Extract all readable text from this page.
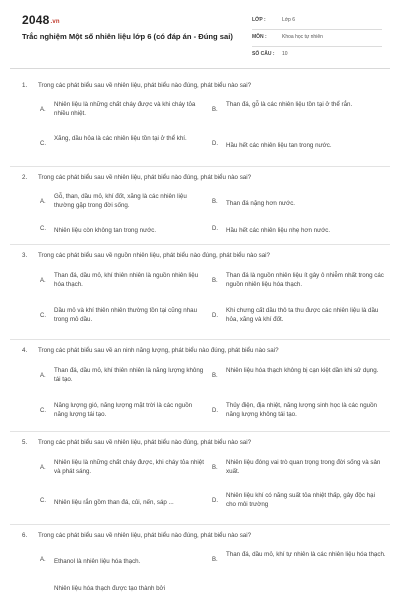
2048.vn
Trắc nghiệm Một số nhiên liệu lớp 6 (có đáp án - Đúng sai)
LỚP :	Lớp 6
MÔN :	Khoa học tự nhiên
SỐ CÂU : 10
1. Trong các phát biểu sau về nhiên liệu, phát biểu nào đúng, phát biểu nào sai?
A.
Nhiên liệu là những chất cháy được và khi cháy tỏa nhiều nhiệt.	B.
Than đá, gỗ là các nhiên liệu tồn tại ở thể rắn.
C.
Xăng, dầu hỏa là các nhiên liệu tồn tại ở thể khí.
D. Hầu hết các nhiên liệu tan trong nước.
2. Trong các phát biểu sau về nhiên liệu, phát biểu nào đúng, phát biểu nào sai?
A.
Gỗ, than, dầu mỏ, khí đốt, xăng là các nhiên liệu thường gặp trong đời sống.	B. Than đá nặng hơn nước.
C. Nhiên liệu còn không tan trong nước.	D. Hầu hết các nhiên liệu nhẹ hơn nước.
3. Trong các phát biểu sau về nguồn nhiên liệu, phát biểu nào đúng, phát biểu nào sai?
A.
Than đá, dầu mỏ, khí thiên nhiên là nguồn nhiên liệu hóa thạch.	B.
Than đá là nguồn nhiên liệu ít gây ô nhiễm nhất trong các nguồn nhiên liệu hóa thạch.
C.
Dầu mỏ và khí thiên nhiên thường tồn tại cũng nhau trong mỏ dầu.	D.
Khi chưng cất dầu thô ta thu được các nhiên liệu là dầu hỏa, xăng và khí đốt.
4. Trong các phát biểu sau về an ninh năng lượng, phát biểu nào đúng, phát biểu nào sai?
A.
Than đá, dầu mỏ, khí thiên nhiên là năng lượng không tái tạo.	B.
Nhiên liệu hóa thạch không bị cạn kiệt dần khi sử dụng.
C.
Năng lượng gió, năng lượng mặt trời là các nguồn năng lượng tái tạo.	D.
Thủy điện, địa nhiệt, năng lượng sinh học là các nguồn năng lượng không tái tạo.
5. Trong các phát biểu sau về nhiên liệu, phát biểu nào đúng, phát biểu nào sai?
A.
Nhiên liệu là những chất cháy được, khi cháy tỏa nhiệt và phát sáng.	B.
Nhiên liệu đóng vai trò quan trọng trong đời sống và sản xuất.
C. Nhiên liệu rắn gồm than đá, củi, nến, sáp ...	D.
Nhiên liệu khí có năng suất tỏa nhiệt thấp, gây độc hại cho môi trường
6. Trong các phát biểu sau về nhiên liệu, phát biểu nào đúng, phát biểu nào sai?
A. Ethanol là nhiên liệu hóa thạch.	B.
Than đá, dầu mỏ, khí tự nhiên là các nhiên liệu hóa thạch.
Nhiên liệu hóa thạch được tạo thành bởi
